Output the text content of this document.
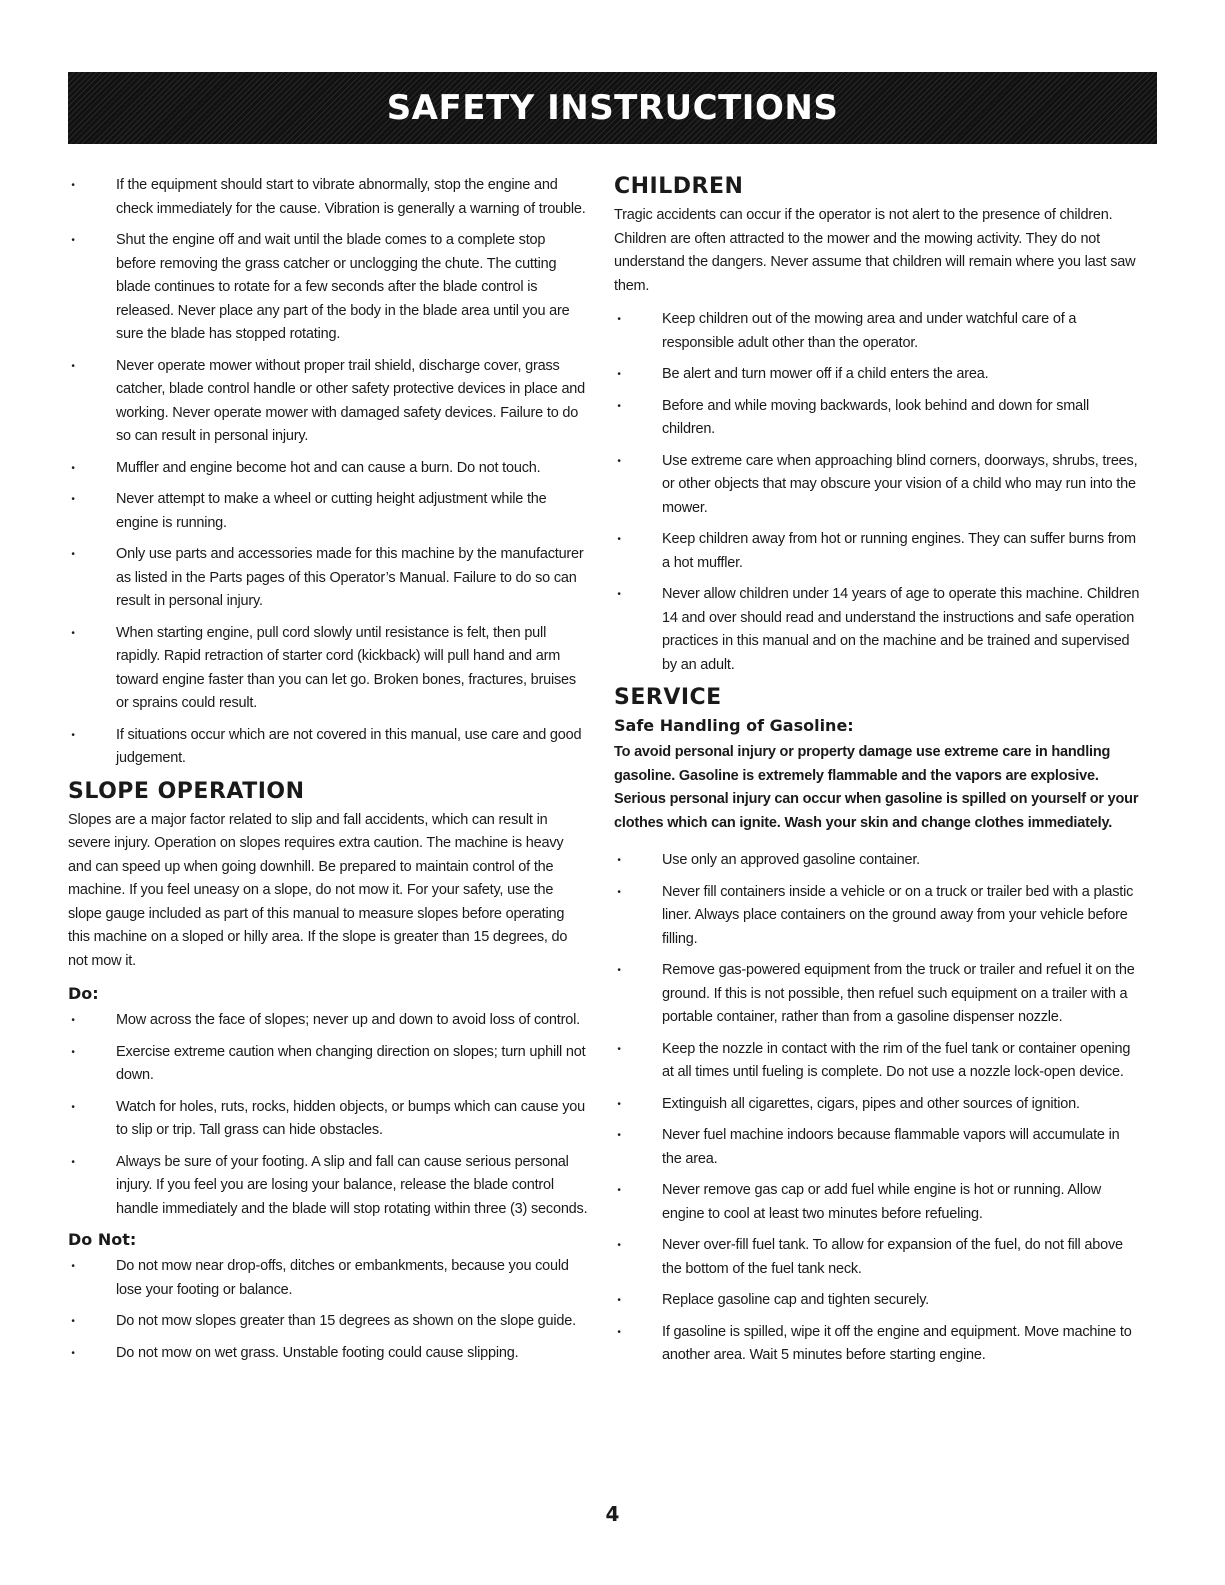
SAFETY INSTRUCTIONS
•	If the equipment should start to vibrate abnormally, stop the engine and check immediately for the cause. Vibration is generally a warning of trouble.
•	Shut the engine off and wait until the blade comes to a complete stop before removing the grass catcher or unclogging the chute. The cutting blade continues to rotate for a few seconds after the blade control is released. Never place any part of the body in the blade area until you are sure the blade has stopped rotating.
•	Never operate mower without proper trail shield, discharge cover, grass catcher, blade control handle or other safety protective devices in place and working. Never operate mower with damaged safety devices. Failure to do so can result in personal injury.
•	Muffler and engine become hot and can cause a burn. Do not touch.
•	Never attempt to make a wheel or cutting height adjustment while the engine is running.
•	Only use parts and accessories made for this machine by the manufacturer as listed in the Parts pages of this Operator’s Manual. Failure to do so can result in personal injury.
•	When starting engine, pull cord slowly until resistance is felt, then pull rapidly. Rapid retraction of starter cord (kickback) will pull hand and arm toward engine faster than you can let go. Broken bones, fractures, bruises or sprains could result.
•	If situations occur which are not covered in this manual, use care and good judgement.
SLOPE OPERATION

Slopes are a major factor related to slip and fall accidents, which can result in severe injury. Operation on slopes requires extra caution. The machine is heavy and can speed up when going downhill. Be prepared to maintain control of the machine. If you feel uneasy on a slope, do not mow it. For your safety, use the slope gauge included as part of this manual to measure slopes before operating this machine on a sloped or hilly area. If the slope is greater than 15 degrees, do not mow it.

Do:
•	Mow across the face of slopes; never up and down to avoid loss of control.
•	Exercise extreme caution when changing direction on slopes; turn uphill not down.
•	Watch for holes, ruts, rocks, hidden objects, or bumps which can cause you to slip or trip. Tall grass can hide obstacles.
•	Always be sure of your footing. A slip and fall can cause serious personal injury. If you feel you are losing your balance, release the blade control handle immediately and the blade will stop rotating within three (3) seconds.
Do Not:
•	Do not mow near drop-offs, ditches or embankments, because you could lose your footing or balance.
•	Do not mow slopes greater than 15 degrees as shown on the slope guide.
•	Do not mow on wet grass. Unstable footing could cause slipping.
CHILDREN

Tragic accidents can occur if the operator is not alert to the presence of children. Children are often attracted to the mower and the mowing activity. They do not understand the dangers. Never assume that children will remain where you last saw them.

•	Keep children out of the mowing area and under watchful care of a responsible adult other than the operator.
•	Be alert and turn mower off if a child enters the area.
•	Before and while moving backwards, look behind and down for small children.
•	Use extreme care when approaching blind corners, doorways, shrubs, trees, or other objects that may obscure your vision of a child who may run into the mower.
•	Keep children away from hot or running engines. They can suffer burns from a hot muffler.
•	Never allow children under 14 years of age to operate this machine. Children 14 and over should read and understand the instructions and safe operation practices in this manual and on the machine and be trained and supervised by an adult.
SERVICE
Safe Handling of Gasoline:

To avoid personal injury or property damage use extreme care in handling gasoline. Gasoline is extremely flammable and the vapors are explosive. Serious personal injury can occur when gasoline is spilled on yourself or your clothes which can ignite. Wash your skin and change clothes immediately.

•	Use only an approved gasoline container.
•	Never fill containers inside a vehicle or on a truck or trailer bed with a plastic liner. Always place containers on the ground away from your vehicle before filling.
•	Remove gas-powered equipment from the truck or trailer and refuel it on the ground. If this is not possible, then refuel such equipment on a trailer with a portable container, rather than from a gasoline dispenser nozzle.
•	Keep the nozzle in contact with the rim of the fuel tank or container opening at all times until fueling is complete. Do not use a nozzle lock-open device.
•	Extinguish all cigarettes, cigars, pipes and other sources of ignition.
•	Never fuel machine indoors because flammable vapors will accumulate in the area.
•	Never remove gas cap or add fuel while engine is hot or running. Allow engine to cool at least two minutes before refueling.
•	Never over-fill fuel tank. To allow for expansion of the fuel, do not fill above the bottom of the fuel tank neck.
•	Replace gasoline cap and tighten securely.
•	If gasoline is spilled, wipe it off the engine and equipment. Move machine to another area. Wait 5 minutes before starting engine.
4
